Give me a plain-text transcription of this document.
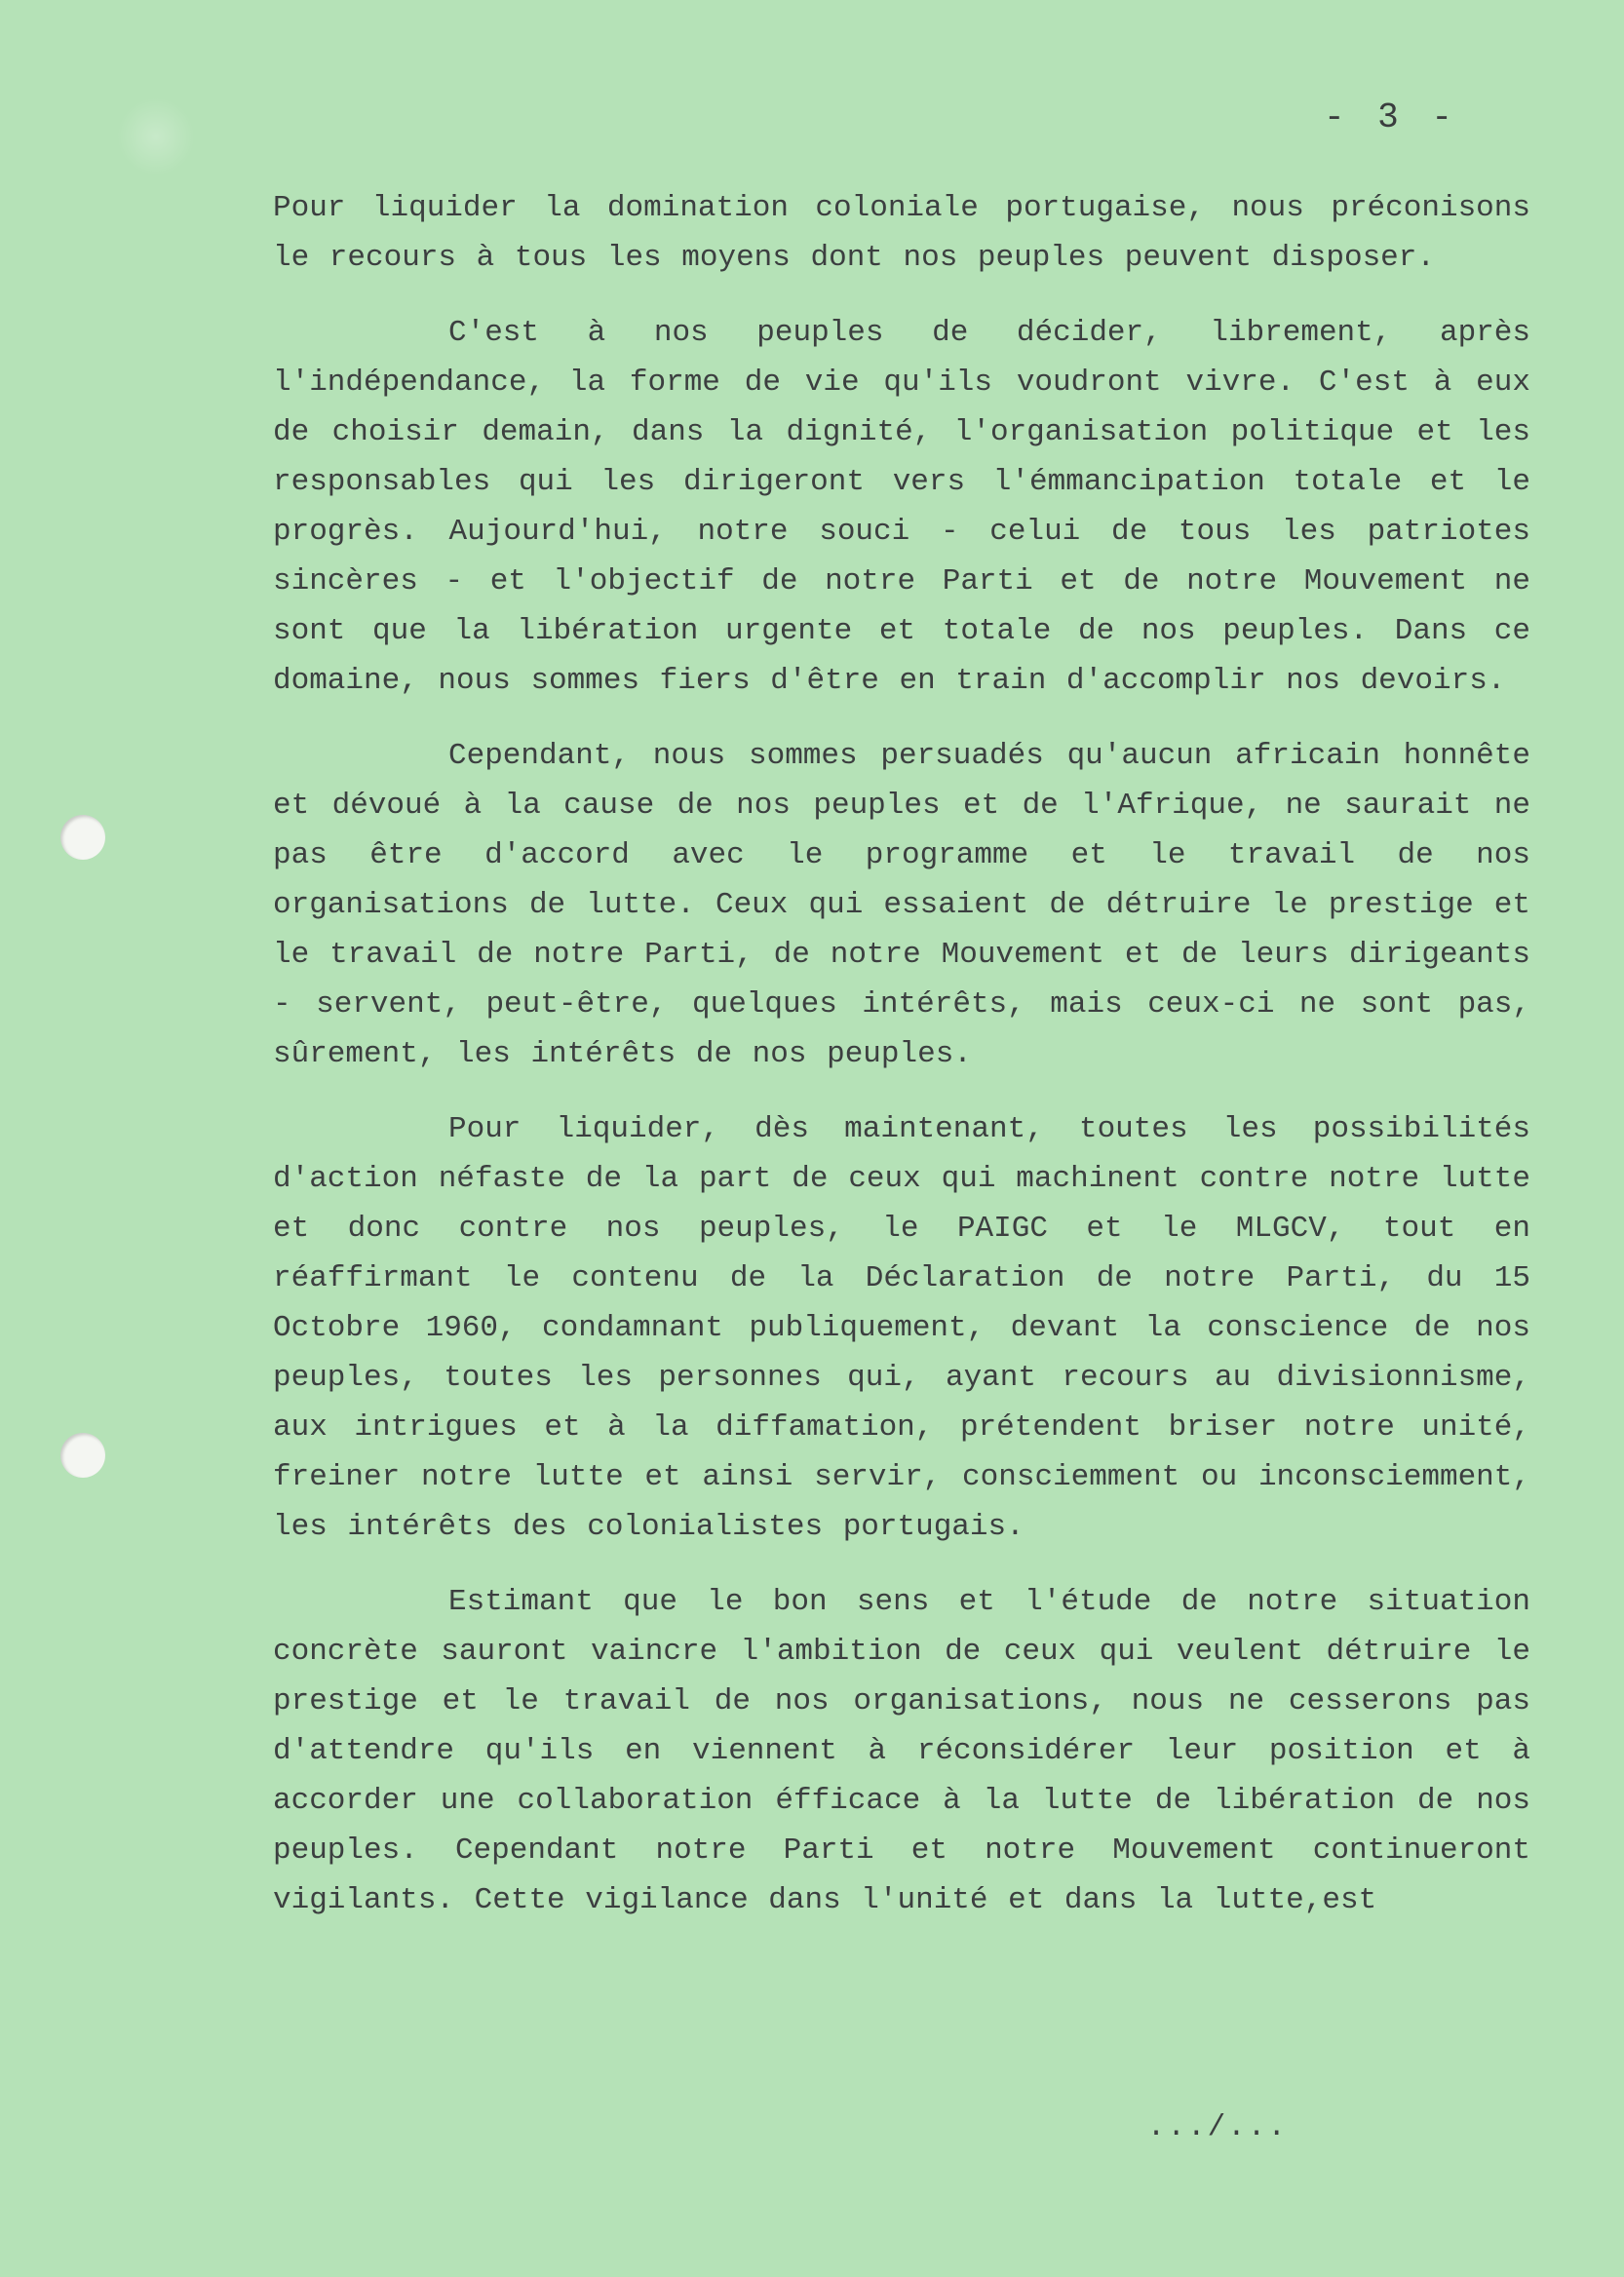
- 3 -

Pour liquider la domination coloniale portugaise, nous préconisons le recours à tous les moyens dont nos peuples peuvent disposer.

C'est à nos peuples de décider, librement, après l'indépendance, la forme de vie qu'ils voudront vivre. C'est à eux de choisir demain, dans la dignité, l'organisation politique et les responsables qui les dirigeront vers l'émmancipation totale et le progrès. Aujourd'hui, notre souci - celui de tous les patriotes sincères - et l'objectif de notre Parti et de notre Mouvement ne sont que la libération urgente et totale de nos peuples. Dans ce domaine, nous sommes fiers d'être en train d'accomplir nos devoirs.

Cependant, nous sommes persuadés qu'aucun africain honnête et dévoué à la cause de nos peuples et de l'Afrique, ne saurait ne pas être d'accord avec le programme et le travail de nos organisations de lutte. Ceux qui essaient de détruire le prestige et le travail de notre Parti, de notre Mouvement et de leurs dirigeants - servent, peut-être, quelques intérêts, mais ceux-ci ne sont pas, sûrement, les intérêts de nos peuples.

Pour liquider, dès maintenant, toutes les possibilités d'action néfaste de la part de ceux qui machinent contre notre lutte et donc contre nos peuples, le PAIGC et le MLGCV, tout en réaffirmant le contenu de la Déclaration de notre Parti, du 15 Octobre 1960, condamnant publiquement, devant la conscience de nos peuples, toutes les personnes qui, ayant recours au divisionnisme, aux intrigues et à la diffamation, prétendent briser notre unité, freiner notre lutte et ainsi servir, consciemment ou inconsciemment, les intérêts des colonialistes portugais.

Estimant que le bon sens et l'étude de notre situation concrète sauront vaincre l'ambition de ceux qui veulent détruire le prestige et le travail de nos organisations, nous ne cesserons pas d'attendre qu'ils en viennent à réconsidérer leur position et à accorder une collaboration éfficace à la lutte de libération de nos peuples. Cependant notre Parti et notre Mouvement continueront vigilants. Cette vigilance dans l'unité et dans la lutte,est

.../...
